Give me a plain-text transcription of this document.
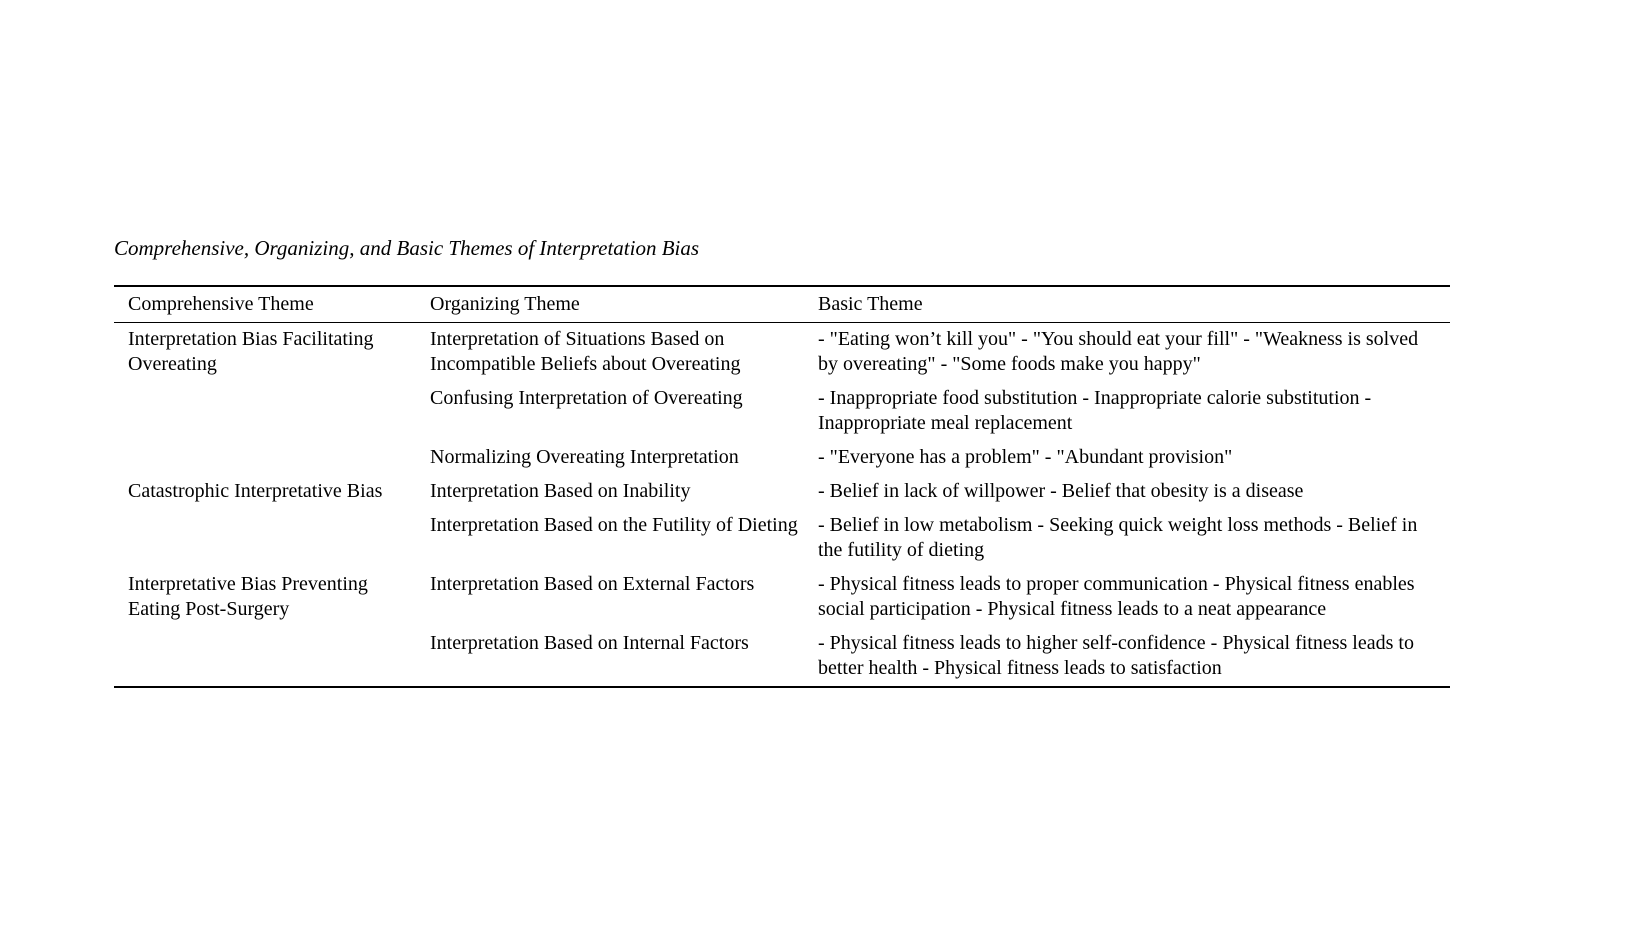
Comprehensive, Organizing, and Basic Themes of Interpretation Bias

Comprehensive Theme	Organizing Theme	Basic Theme
Interpretation Bias Facilitating Overeating	Interpretation of Situations Based on Incompatible Beliefs about Overeating	- "Eating won’t kill you" - "You should eat your fill" - "Weakness is solved by overeating" - "Some foods make you happy"
	Confusing Interpretation of Overeating	- Inappropriate food substitution - Inappropriate calorie substitution - Inappropriate meal replacement
	Normalizing Overeating Interpretation	- "Everyone has a problem" - "Abundant provision"
Catastrophic Interpretative Bias	Interpretation Based on Inability	- Belief in lack of willpower - Belief that obesity is a disease
	Interpretation Based on the Futility of Dieting	- Belief in low metabolism - Seeking quick weight loss methods - Belief in the futility of dieting
Interpretative Bias Preventing Eating Post-Surgery	Interpretation Based on External Factors	- Physical fitness leads to proper communication - Physical fitness enables social participation - Physical fitness leads to a neat appearance
	Interpretation Based on Internal Factors	- Physical fitness leads to higher self-confidence - Physical fitness leads to better health - Physical fitness leads to satisfaction
